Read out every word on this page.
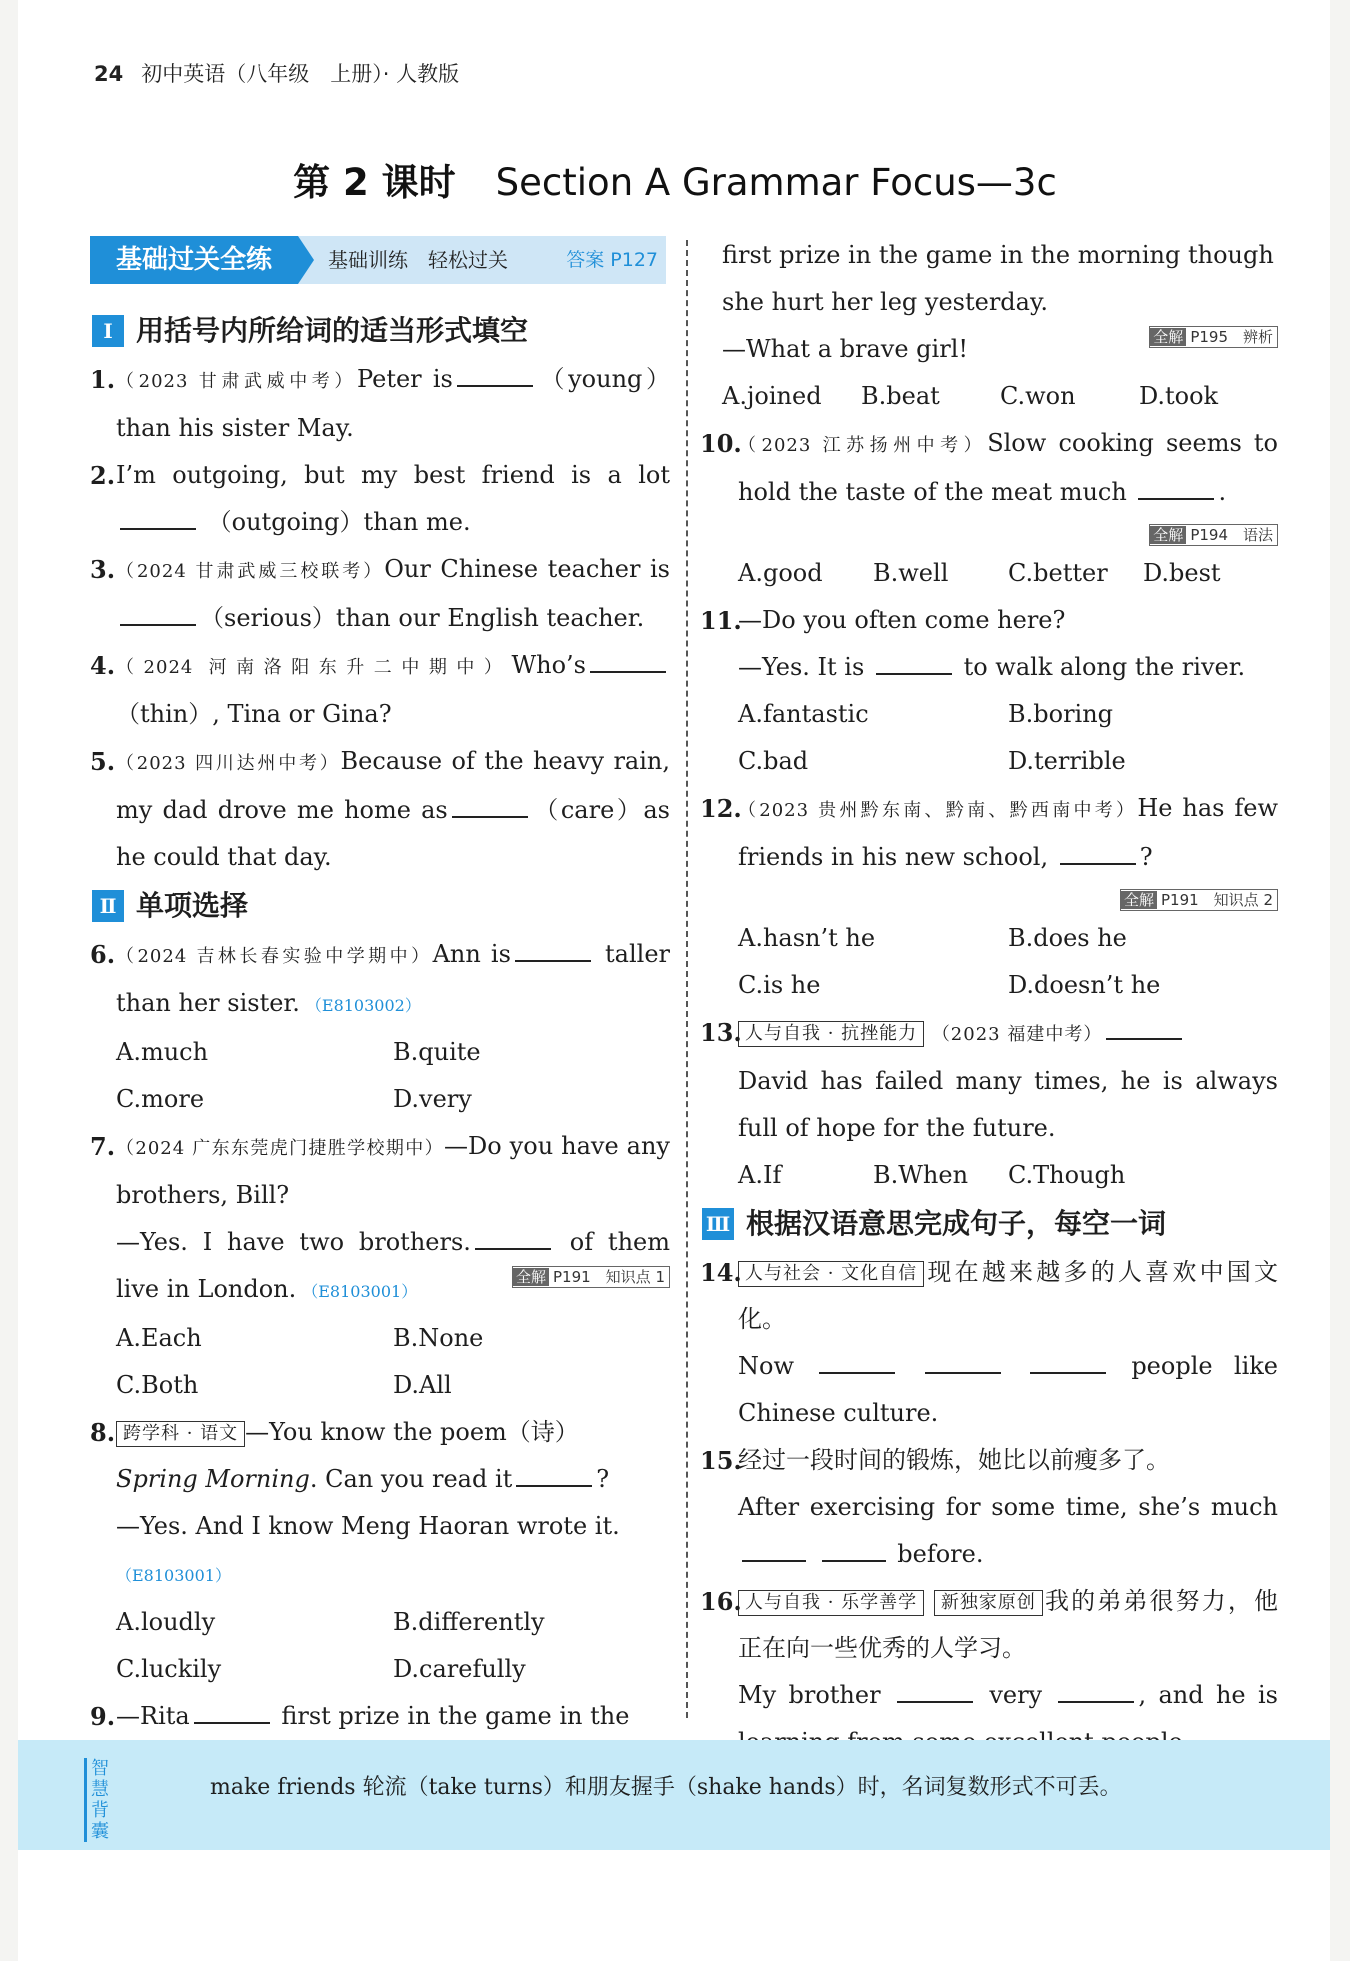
24 初中英语（八年级　上册）· 人教版
第 2 课时 Section A Grammar Focus—3c
基础过关全练	基础训练　轻松过关	答案 P127
Ⅰ 用括号内所给词的适当形式填空
1. （2023 甘肃武威中考）Peter is	（young） than his sister May.
2. I’m outgoing, but my best friend is a lot （outgoing）than me.
3. （2024 甘肃武威三校联考）Our Chinese teacher is （serious）than our English teacher.
4. （2024 河南洛阳东升二中期中）Who’s （thin）, Tina or Gina?
5. （2023 四川达州中考）Because of the heavy rain, my dad drove me home as	（care）as he could that day.
Ⅱ 单项选择
6. （2024 吉林长春实验中学期中）Ann is	taller than her sister. （E8103002）
A.much	B.quite
C.more	D.very
7. （2024 广东东莞虎门捷胜学校期中）—Do you have any brothers, Bill?
—Yes. I have two brothers.	of them live in London. （E8103001）
全解 P191　知识点 1
A.Each	B.None
C.Both	D.All
8. 跨学科 · 语文 —You know the poem（诗）
Spring Morning. Can you read it	?
—Yes. And I know Meng Haoran wrote it.
（E8103001）
A.loudly	B.differently
C.luckily	D.carefully
9. —Rita	first prize in the game in the
first prize in the game in the morning though she hurt her leg yesterday.
—What a brave girl!	全解 P195　辨析
A.joined	B.beat	C.won	D.took
10.
（2023 江苏扬州中考）Slow cooking seems to hold the taste of the meat much	.
全解 P194　语法
A.good	B.well	C.better	D.best
11.
—Do you often come here?
—Yes. It is	to walk along the river.
A.fantastic	B.boring
C.bad	D.terrible
12.
（2023 贵州黔东南、黔南、黔西南中考）He has few friends in his new school,	?
全解 P191　知识点 2
A.hasn’t he	B.does he
C.is he	D.doesn’t he
13. 人与自我 · 抗挫能力 （2023 福建中考）
David has failed many times, he is always full of hope for the future.
A.If	B.When	C.Though
Ⅲ 根据汉语意思完成句子，每空一词
14. 人与社会 · 文化自信 现在越来越多的人喜欢中国文化。
Now	people like Chinese culture.
15.
经过一段时间的锻炼，她比以前瘦多了。
After exercising for some time, she’s much   before.
16. 人与自我 · 乐学善学 新独家原创 我的弟弟很努力，他正在向一些优秀的人学习。
My brother	very	, and he is
智慧背囊
make friends 轮流（take turns）和朋友握手（shake hands）时，名词复数形式不可丢。
